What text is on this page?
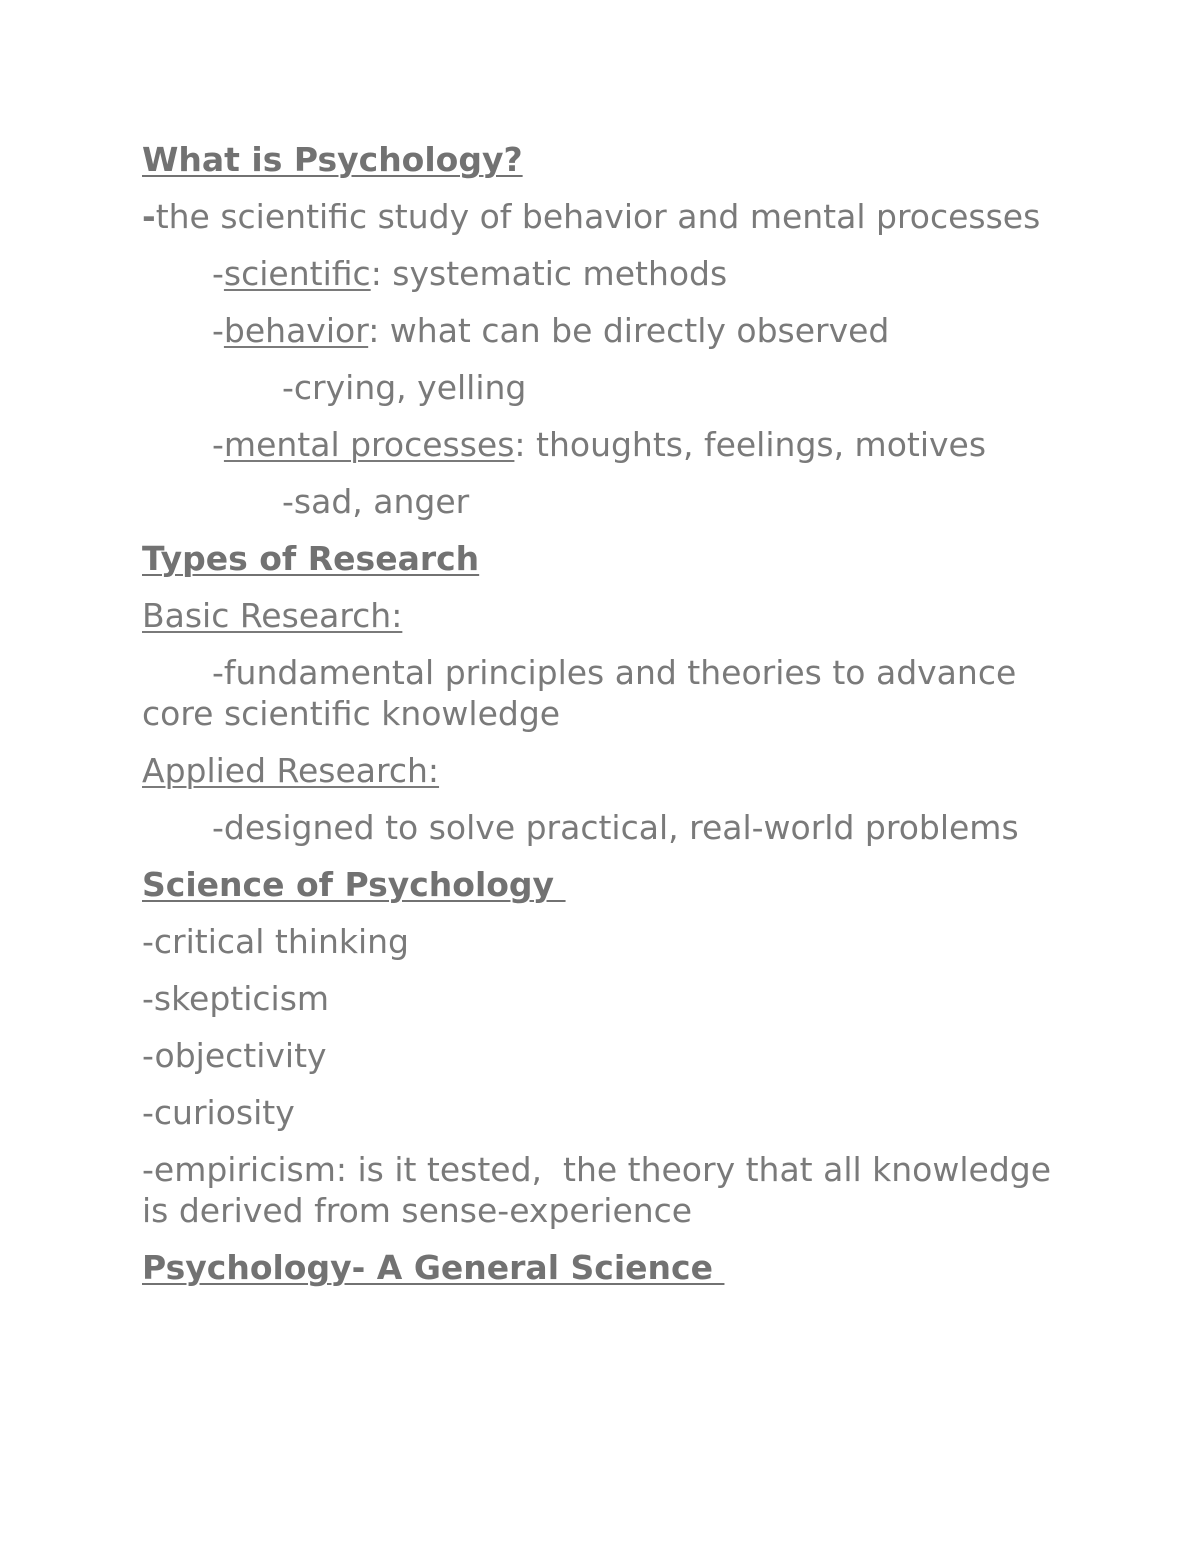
What is Psychology?
-the scientific study of behavior and mental processes
-scientific: systematic methods
-behavior: what can be directly observed
-crying, yelling
-mental processes: thoughts, feelings, motives
-sad, anger
Types of Research
Basic Research:
-fundamental principles and theories to advance core scientific knowledge
Applied Research:
-designed to solve practical, real-world problems
Science of Psychology
-critical thinking
-skepticism
-objectivity
-curiosity
-empiricism: is it tested,  the theory that all knowledge is derived from sense-experience
Psychology- A General Science
